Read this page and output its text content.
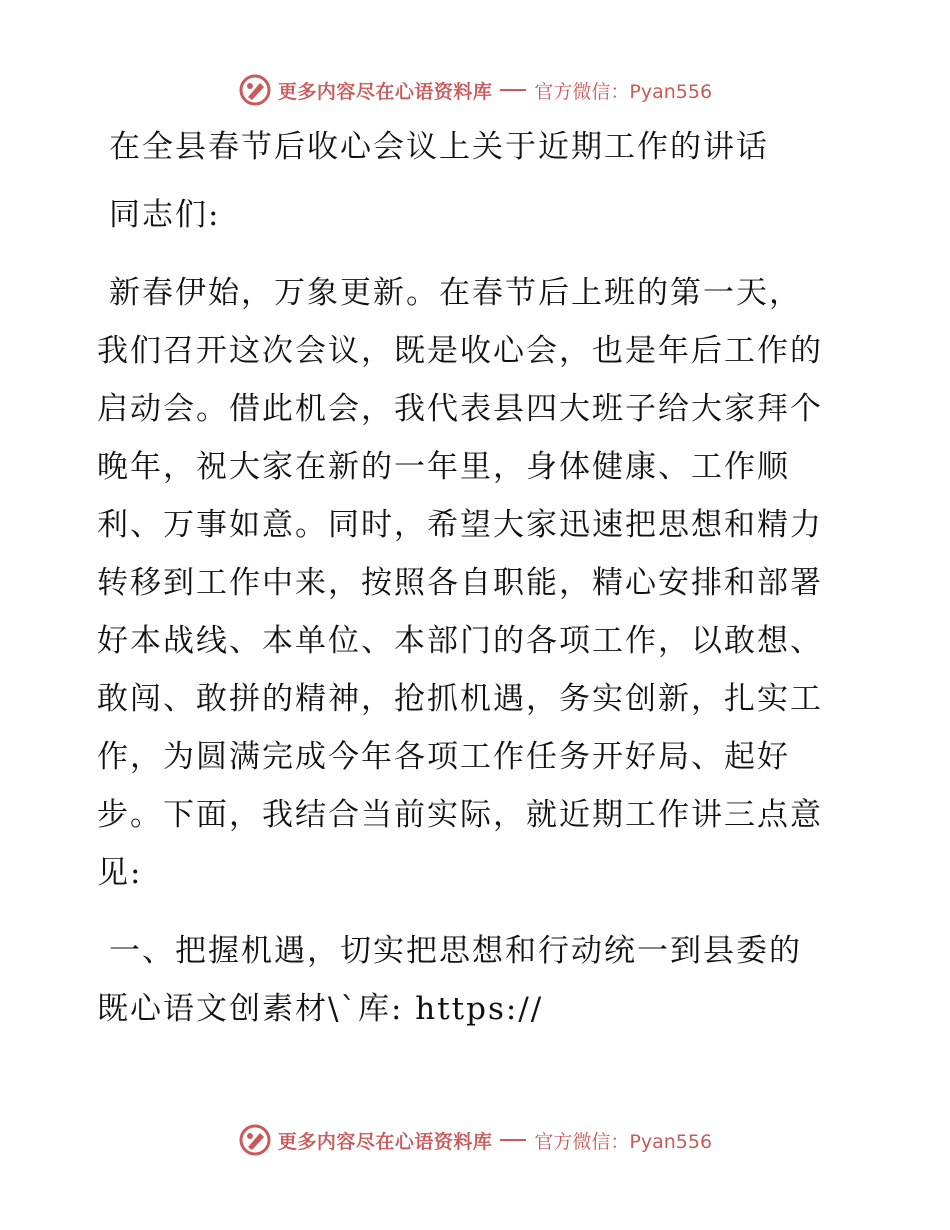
更多内容尽在心语资料库 官方微信：Pyan556
在全县春节后收心会议上关于近期工作的讲话

同志们:

新春伊始，万象更新。在春节后上班的第一天，

我们召开这次会议，既是收心会，也是年后工作的

启动会。借此机会，我代表县四大班子给大家拜个

晚年，祝大家在新的一年里，身体健康、工作顺

利、万事如意。同时，希望大家迅速把思想和精力

转移到工作中来，按照各自职能，精心安排和部署

好本战线、本单位、本部门的各项工作，以敢想、

敢闯、敢拼的精神，抢抓机遇，务实创新，扎实工

作，为圆满完成今年各项工作任务开好局、起好

步。下面，我结合当前实际，就近期工作讲三点意

见:

一、把握机遇，切实把思想和行动统一到县委的

既心语文创素材\`库: https://

更多内容尽在心语资料库 官方微信：Pyan556
